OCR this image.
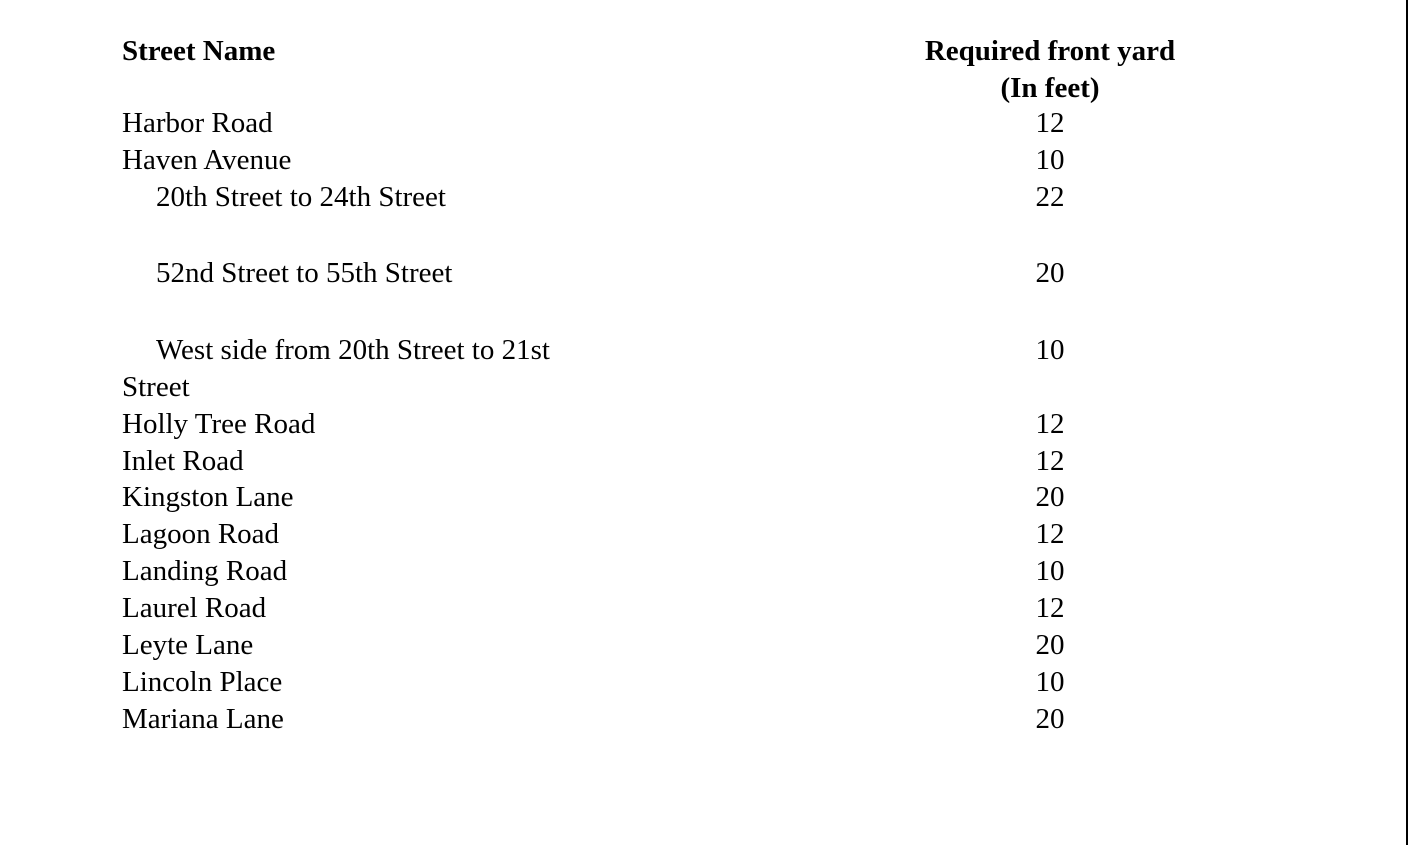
Street Name	Required front yard
(In feet)
Harbor Road	12
Haven Avenue	10
20th Street to 24th Street	22
52nd Street to 55th Street	20
West side from 20th Street to 21st	10
Street
Holly Tree Road	12
Inlet Road	12
Kingston Lane	20
Lagoon Road	12
Landing Road	10
Laurel Road	12
Leyte Lane	20
Lincoln Place	10
Mariana Lane	20
